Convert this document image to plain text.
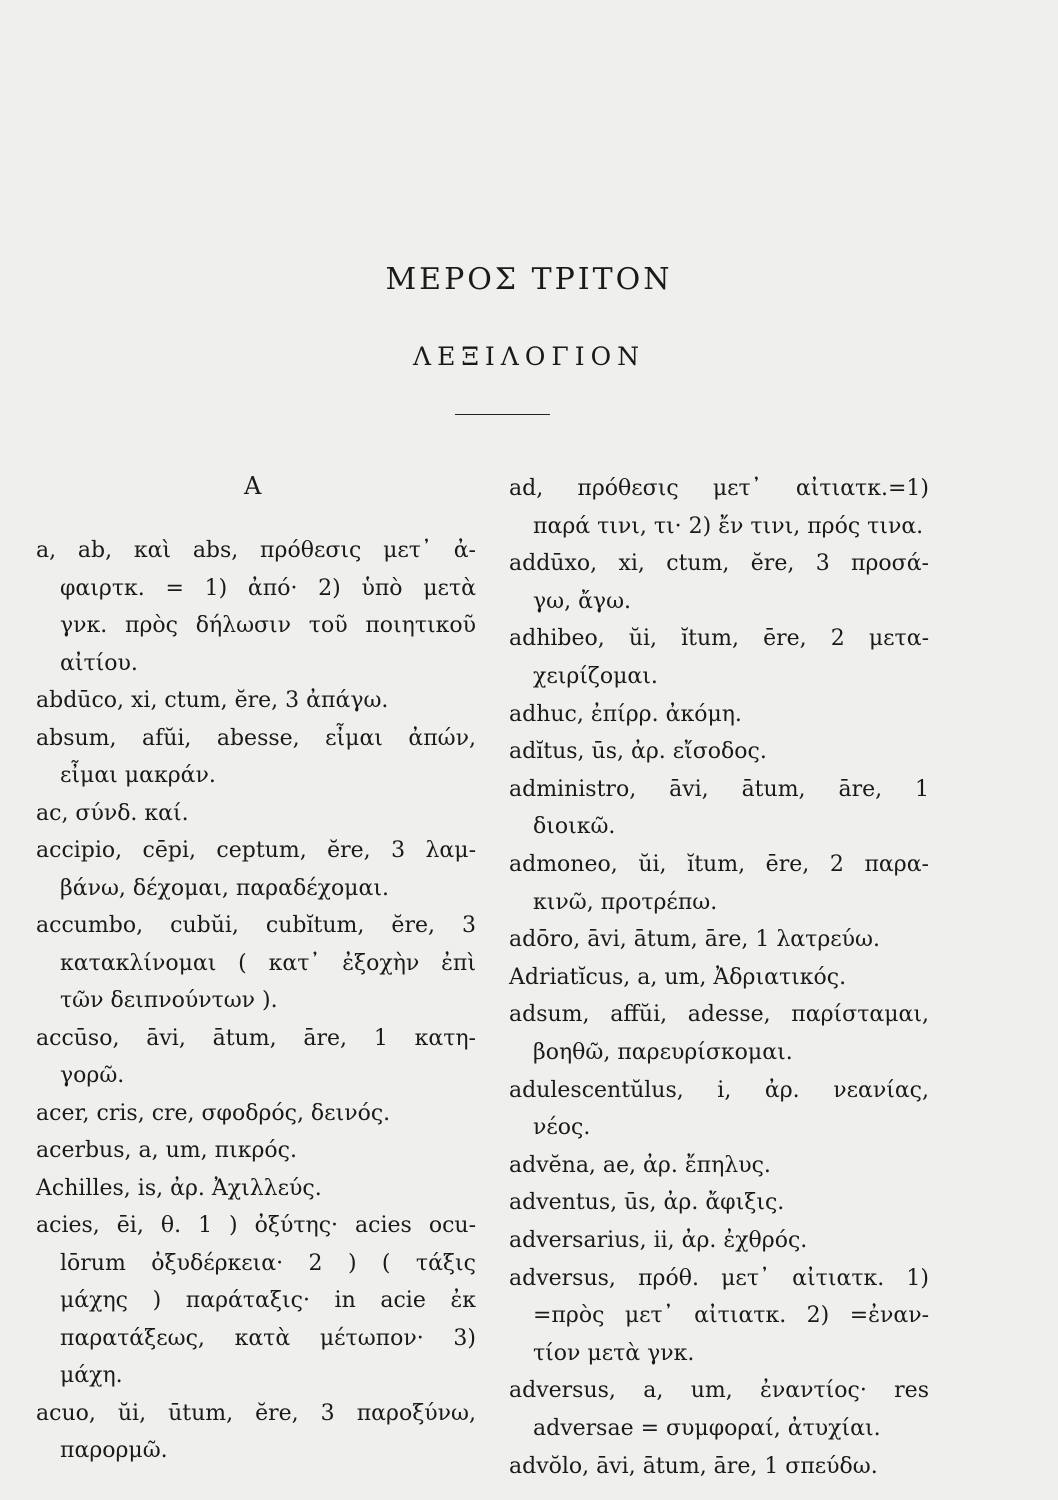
ΜΕΡΟΣ ΤΡΙΤΟΝ
ΛΕΞΙΛΟΓΙΟΝ
A
a, ab, καὶ abs, πρόθεσις μετ᾽ ἀ-
φαιρτκ. = 1) ἀπό· 2) ὑπὸ μετὰ
γνκ. πρὸς δήλωσιν τοῦ ποιητικοῦ
αἰτίου.
abdūco, xi, ctum, ĕre, 3 ἀπάγω.
absum, afŭi, abesse, εἶμαι ἀπών,
εἶμαι μακράν.
ac, σύνδ. καί.
accipio, cēpi, ceptum, ĕre, 3 λαμ-
βάνω, δέχομαι, παραδέχομαι.
accumbo, cubŭi, cubĭtum, ĕre, 3
κατακλίνομαι ( κατ᾽ ἐξοχὴν ἐπὶ
τῶν δειπνούντων ).
accūso, āvi, ātum, āre, 1 κατη-
γορῶ.
acer, cris, cre, σφοδρός, δεινός.
acerbus, a, um, πικρός.
Achilles, is, ἀρ. Ἀχιλλεύς.
acies, ēi, θ. 1 ) ὀξύτης· acies ocu-
lōrum ὀξυδέρκεια· 2 ) ( τάξις
μάχης ) παράταξις· in acie ἐκ
παρατάξεως, κατὰ μέτωπον· 3)
μάχη.
acuo, ŭi, ūtum, ĕre, 3 παροξύνω,
παρορμῶ.
ad, πρόθεσις μετ᾽ αἰτιατκ.=1)
παρά τινι, τι· 2) ἔν τινι, πρός τινα.
addūxo, xi, ctum, ĕre, 3 προσά-
γω, ἄγω.
adhibeo, ŭi, ĭtum, ēre, 2 μετα-
χειρίζομαι.
adhuc, ἐπίρρ. ἀκόμη.
adĭtus, ūs, ἀρ. εἴσοδος.
administro, āvi, ātum, āre, 1
διοικῶ.
admoneo, ŭi, ĭtum, ēre, 2 παρα-
κινῶ, προτρέπω.
adōro, āvi, ātum, āre, 1 λατρεύω.
Adriatĭcus, a, um, Ἀδριατικός.
adsum, affŭi, adesse, παρίσταμαι,
βοηθῶ, παρευρίσκομαι.
adulescentŭlus, i, ἀρ. νεανίας,
νέος.
advĕna, ae, ἀρ. ἔπηλυς.
adventus, ūs, ἀρ. ἄφιξις.
adversarius, ii, ἀρ. ἐχθρός.
adversus, πρόθ. μετ᾽ αἰτιατκ. 1)
=πρὸς μετ᾽ αἰτιατκ. 2) =ἐναν-
τίον μετὰ γνκ.
adversus, a, um, ἐναντίος· res
adversae = συμφοραί, ἀτυχίαι.
advŏlo, āvi, ātum, āre, 1 σπεύδω.
